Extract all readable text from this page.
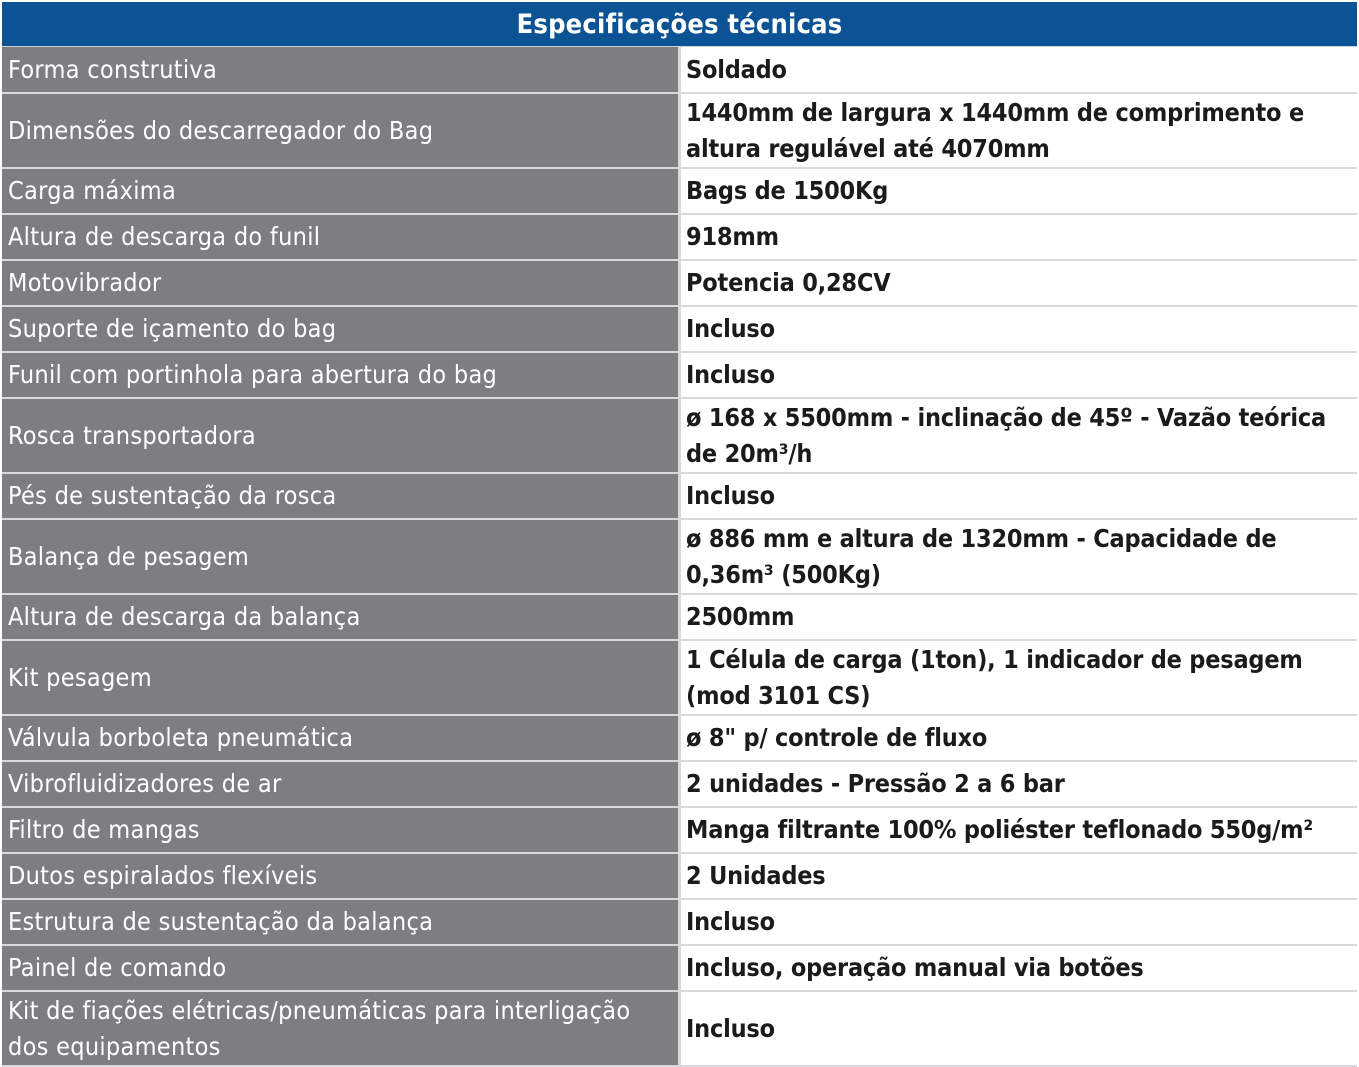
Especificações técnicas	
Forma construtiva	Soldado
Dimensões do descarregador do Bag	1440mm de largura x 1440mm de comprimento e altura regulável até 4070mm
Carga máxima	Bags de 1500Kg
Altura de descarga do funil	918mm
Motovibrador	Potencia 0,28CV
Suporte de içamento do bag	Incluso
Funil com portinhola para abertura do bag	Incluso
Rosca transportadora	ø 168 x 5500mm - inclinação de 45º - Vazão teórica de 20m³/h
Pés de sustentação da rosca	Incluso
Balança de pesagem	ø 886 mm e altura de 1320mm - Capacidade de 0,36m³ (500Kg)
Altura de descarga da balança	2500mm
Kit pesagem	1 Célula de carga (1ton), 1 indicador de pesagem (mod 3101 CS)
Válvula borboleta pneumática	ø 8" p/ controle de fluxo
Vibrofluidizadores de ar	2 unidades - Pressão 2 a 6 bar
Filtro de mangas	Manga filtrante 100% poliéster teflonado 550g/m²
Dutos espiralados flexíveis	2 Unidades
Estrutura de sustentação da balança	Incluso
Painel de comando	Incluso, operação manual via botões
Kit de fiações elétricas/pneumáticas para interligação dos equipamentos	Incluso
